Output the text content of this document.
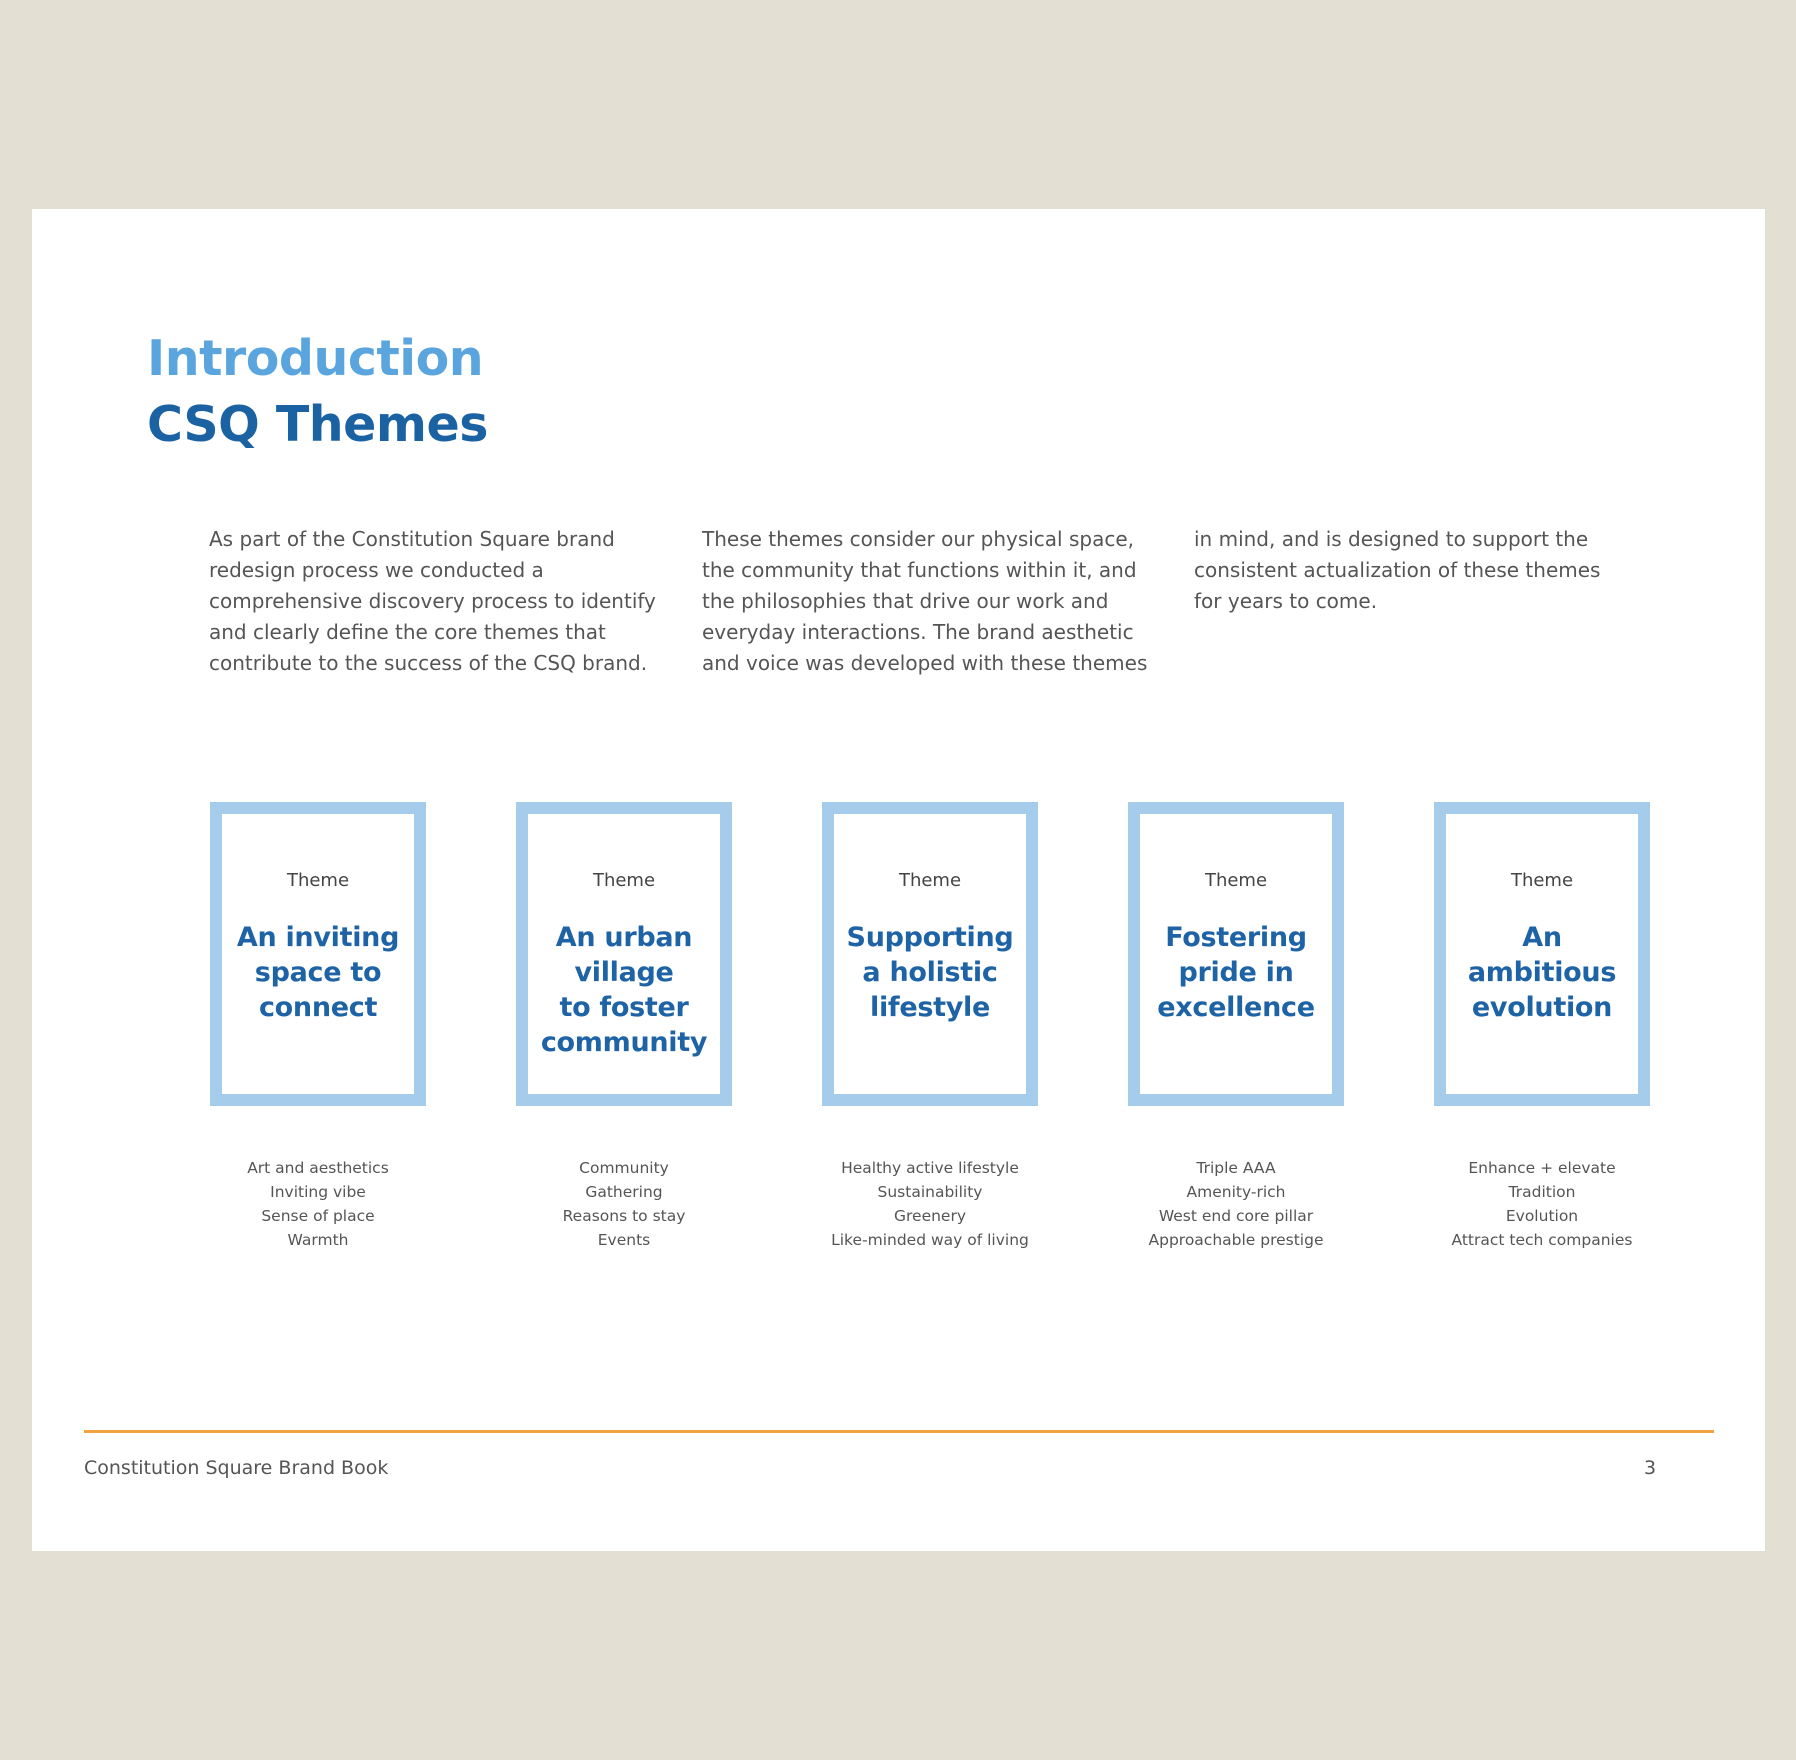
Introduction
CSQ Themes

As part of the Constitution Square brand
redesign process we conducted a
comprehensive discovery process to identify
and clearly define the core themes that
contribute to the success of the CSQ brand.

These themes consider our physical space,
the community that functions within it, and
the philosophies that drive our work and
everyday interactions. The brand aesthetic
and voice was developed with these themes

in mind, and is designed to support the
consistent actualization of these themes
for years to come.

Theme
An inviting
space to
connect
Art and aesthetics
Inviting vibe
Sense of place
Warmth
Theme
An urban
village
to foster
community
Community
Gathering
Reasons to stay
Events
Theme
Supporting
a holistic
lifestyle
Healthy active lifestyle
Sustainability
Greenery
Like-minded way of living
Theme
Fostering
pride in
excellence
Triple AAA
Amenity-rich
West end core pillar
Approachable prestige
Theme
An
ambitious
evolution
Enhance + elevate
Tradition
Evolution
Attract tech companies
Constitution Square Brand Book	3
